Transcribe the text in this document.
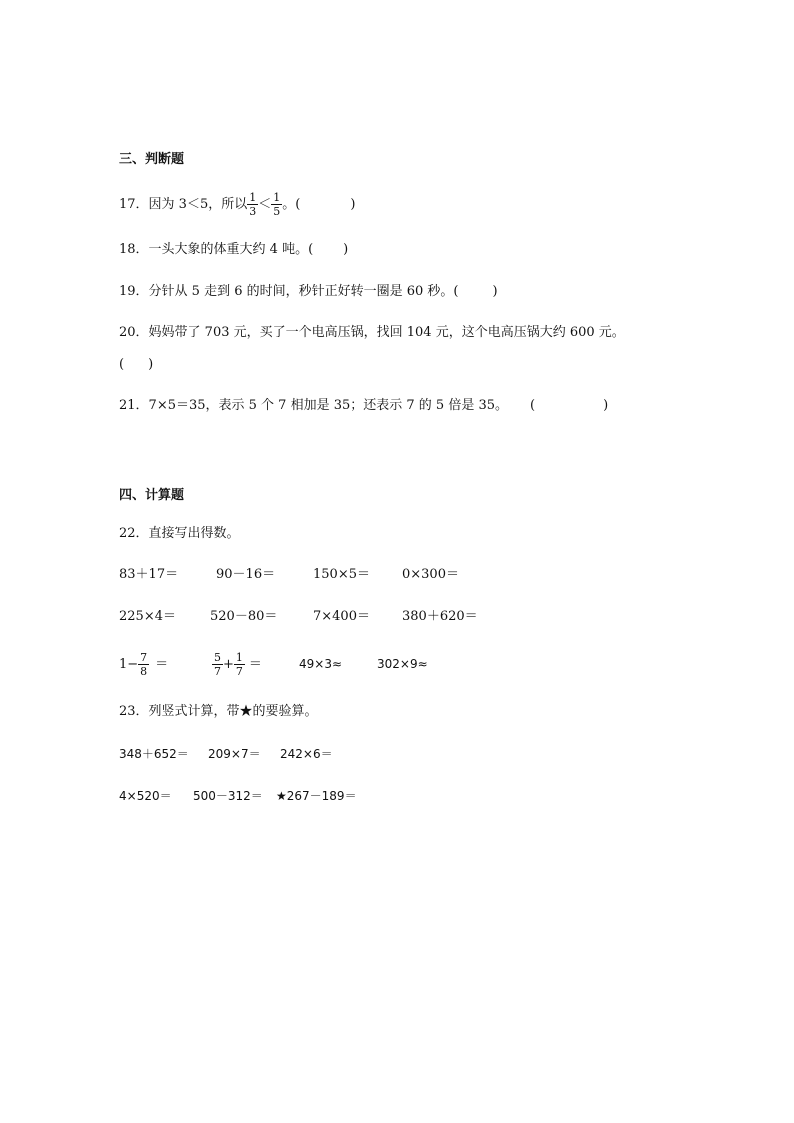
三、判断题
17．因为 3＜5，所以 $\frac{1}{3} < \frac{1}{5}$ 。(	)
18．一头大象的体重大约 4 吨。( )
19．分针从 5 走到 6 的时间，秒针正好转一圈是 60 秒。(	)
20．妈妈带了 703 元，买了一个电高压锅，找回 104 元，这个电高压锅大约 600 元。
( )
21．7×5＝35，表示 5 个 7 相加是 35；还表示 7 的 5 倍是 35。 (	)
四、计算题
22．直接写出得数。
83＋17＝	90－16＝	150×5＝ 0×300＝
225×4＝	520－80＝	7×400＝ 380＋620＝
$1- \frac{7}{8}$ ＝	$\frac{5}{7} + \frac{1}{7}$ ＝	49×3≈	302×9≈
23．列竖式计算，带★的要验算。
348＋652＝ 209×7＝ 242×6＝
4×520＝ 500－312＝ ★267－189＝
